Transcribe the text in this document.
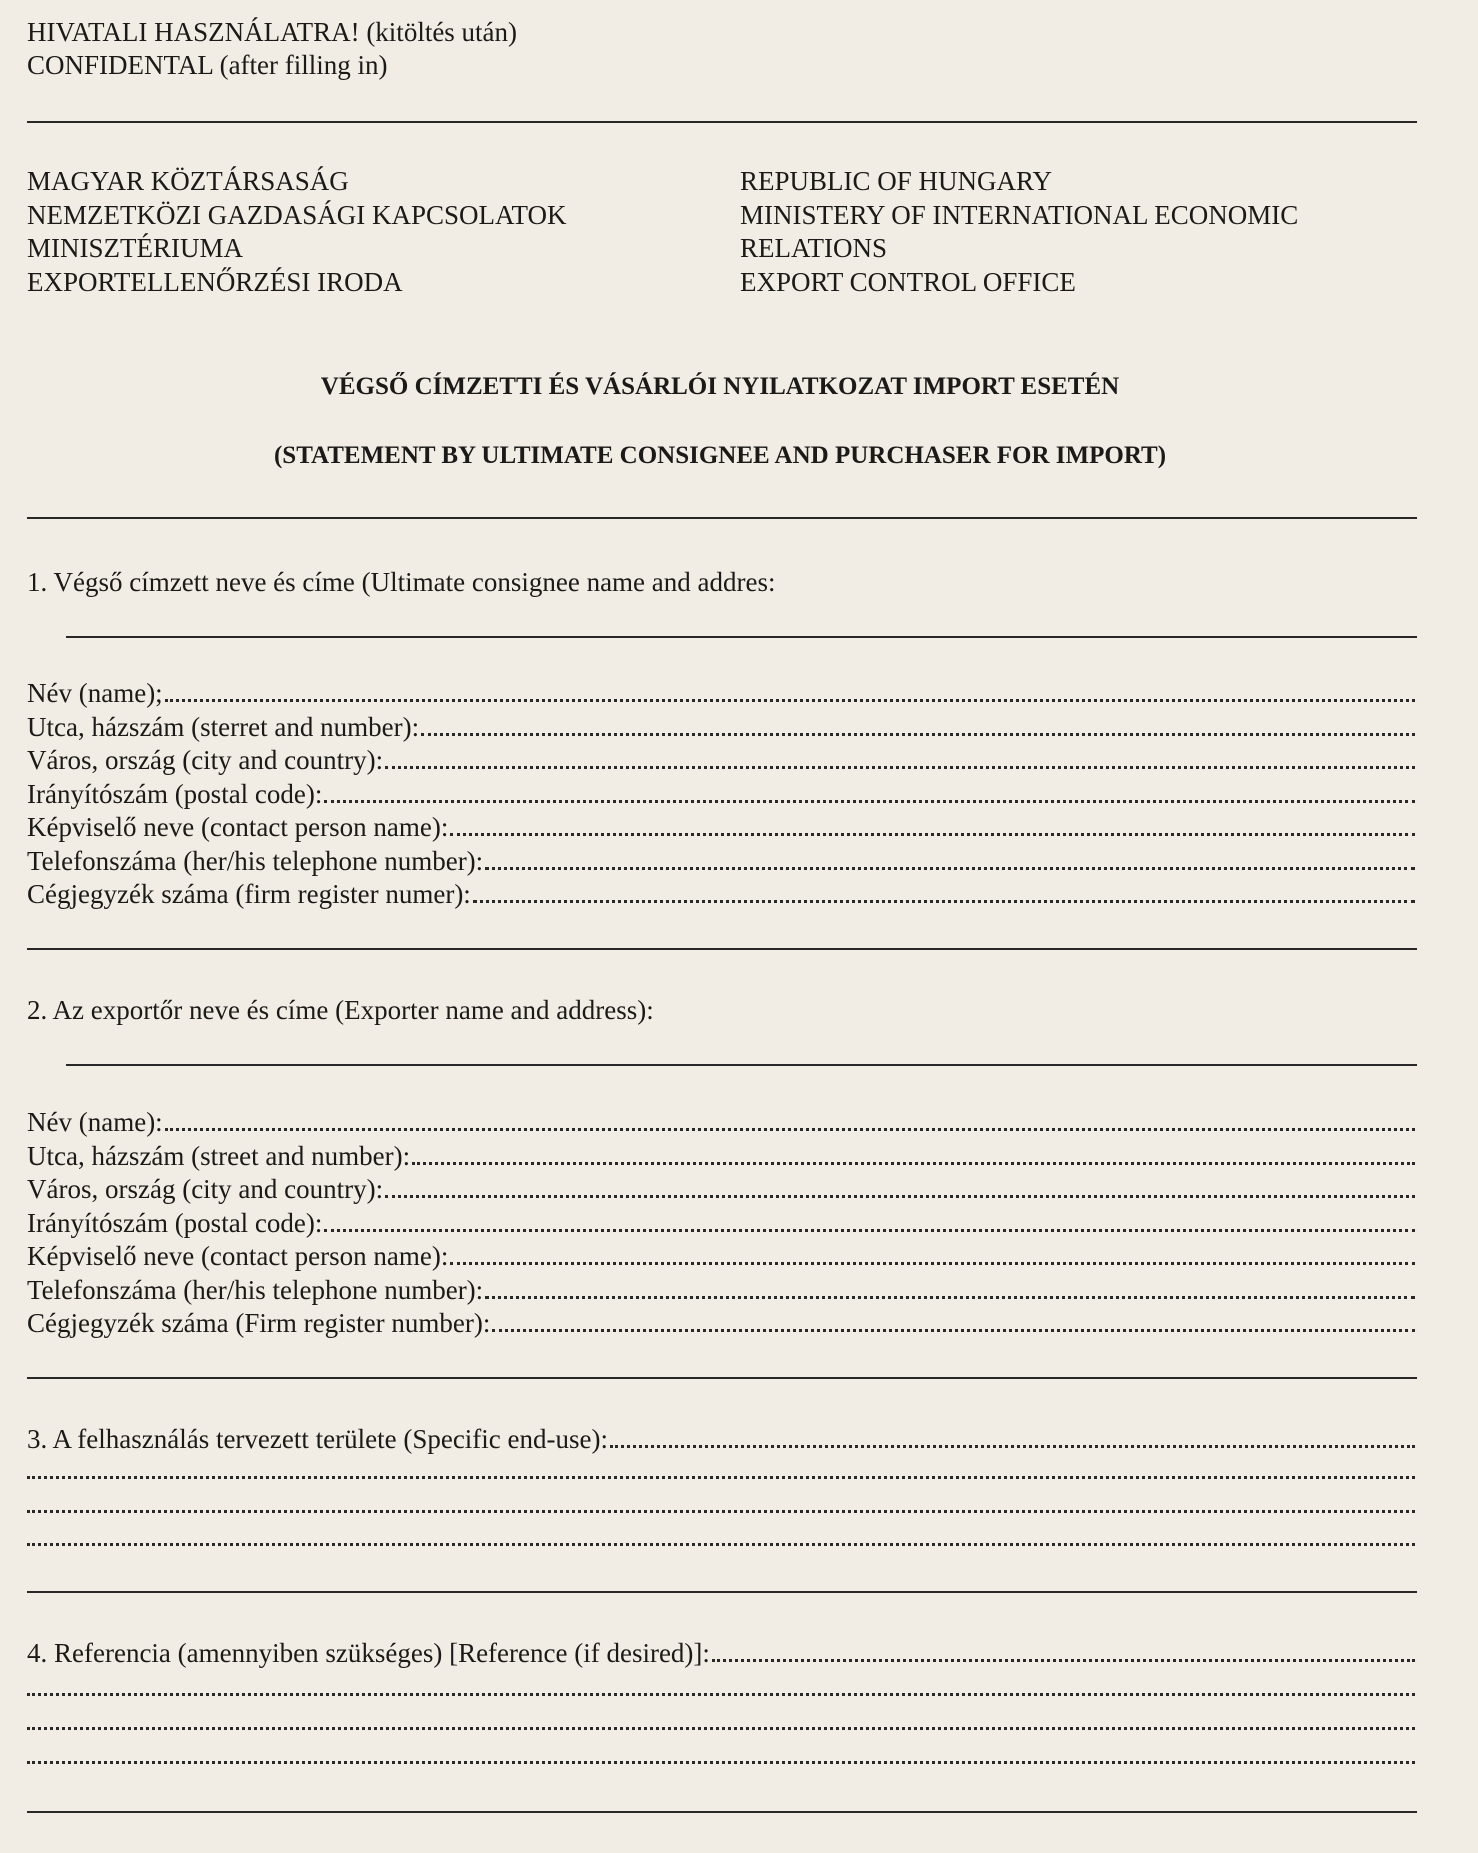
HIVATALI HASZNÁLATRA! (kitöltés után)
CONFIDENTAL (after filling in)
MAGYAR KÖZTÁRSASÁG
NEMZETKÖZI GAZDASÁGI KAPCSOLATOK
MINISZTÉRIUMA
EXPORTELLENŐRZÉSI IRODA
REPUBLIC OF HUNGARY
MINISTERY OF INTERNATIONAL ECONOMIC
RELATIONS
EXPORT CONTROL OFFICE
VÉGSŐ CÍMZETTI ÉS VÁSÁRLÓI NYILATKOZAT IMPORT ESETÉN
(STATEMENT BY ULTIMATE CONSIGNEE AND PURCHASER FOR IMPORT)
1. Végső címzett neve és címe (Ultimate consignee name and addres:
Név (name);
Utca, házszám (sterret and number):
Város, ország (city and country):
Irányítószám (postal code):
Képviselő neve (contact person name):
Telefonszáma (her/his telephone number):
Cégjegyzék száma (firm register numer):
2. Az exportőr neve és címe (Exporter name and address):
Név (name):
Utca, házszám (street and number):
Város, ország (city and country):
Irányítószám (postal code):
Képviselő neve (contact person name):
Telefonszáma (her/his telephone number):
Cégjegyzék száma (Firm register number):
3. A felhasználás tervezett területe (Specific end-use):
4. Referencia (amennyiben szükséges) [Reference (if desired)]:
